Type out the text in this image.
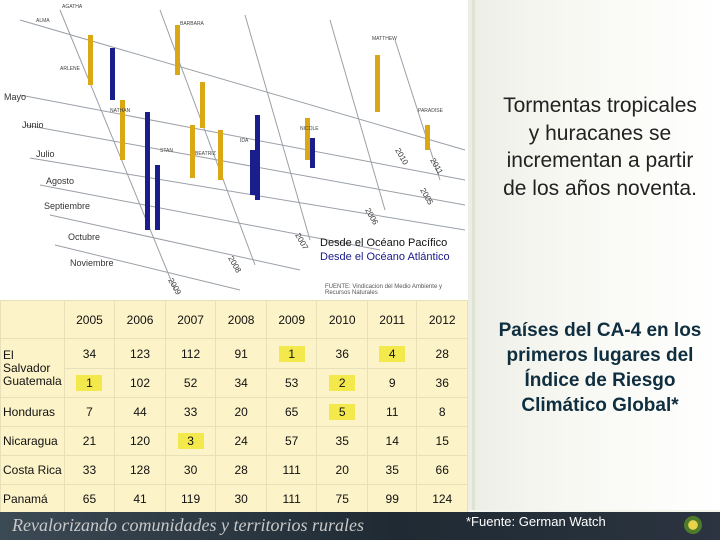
Mayo
Junio
Julio
Agosto
Septiembre
Octubre
Noviembre
2005
2006
2007
2008
2009
2010 2011
AGATHA
ALMA	BARBARA
ARLENE
NATHAN
STAN	BEATRIZ
IDA
NICOLE
MATTHEW
PARADISE
Desde el Océano Pacífico
Desde el Océano Atlántico
FUENTE: Vindicacion del Medio Ambiente y Recursos Naturales
	2005	2006	2007	2008	2009	2010	2011	2012
El Salvador Guatemala	34	123	112	91	1	36	4	28
	1	102	52	34	53	2	9	36
Honduras	7	44	33	20	65	5	11	8
Nicaragua	21	120	3	24	57	35	14	15
Costa Rica	33	128	30	28	111	20	35	66
Panamá	65	41	119	30	111	75	99	124
Tormentas tropicales y huracanes se incrementan a partir de los años noventa.
Países del CA-4 en los primeros lugares del Índice de Riesgo Climático Global*
Revalorizando comunidades y territorios rurales	*Fuente: German Watch
